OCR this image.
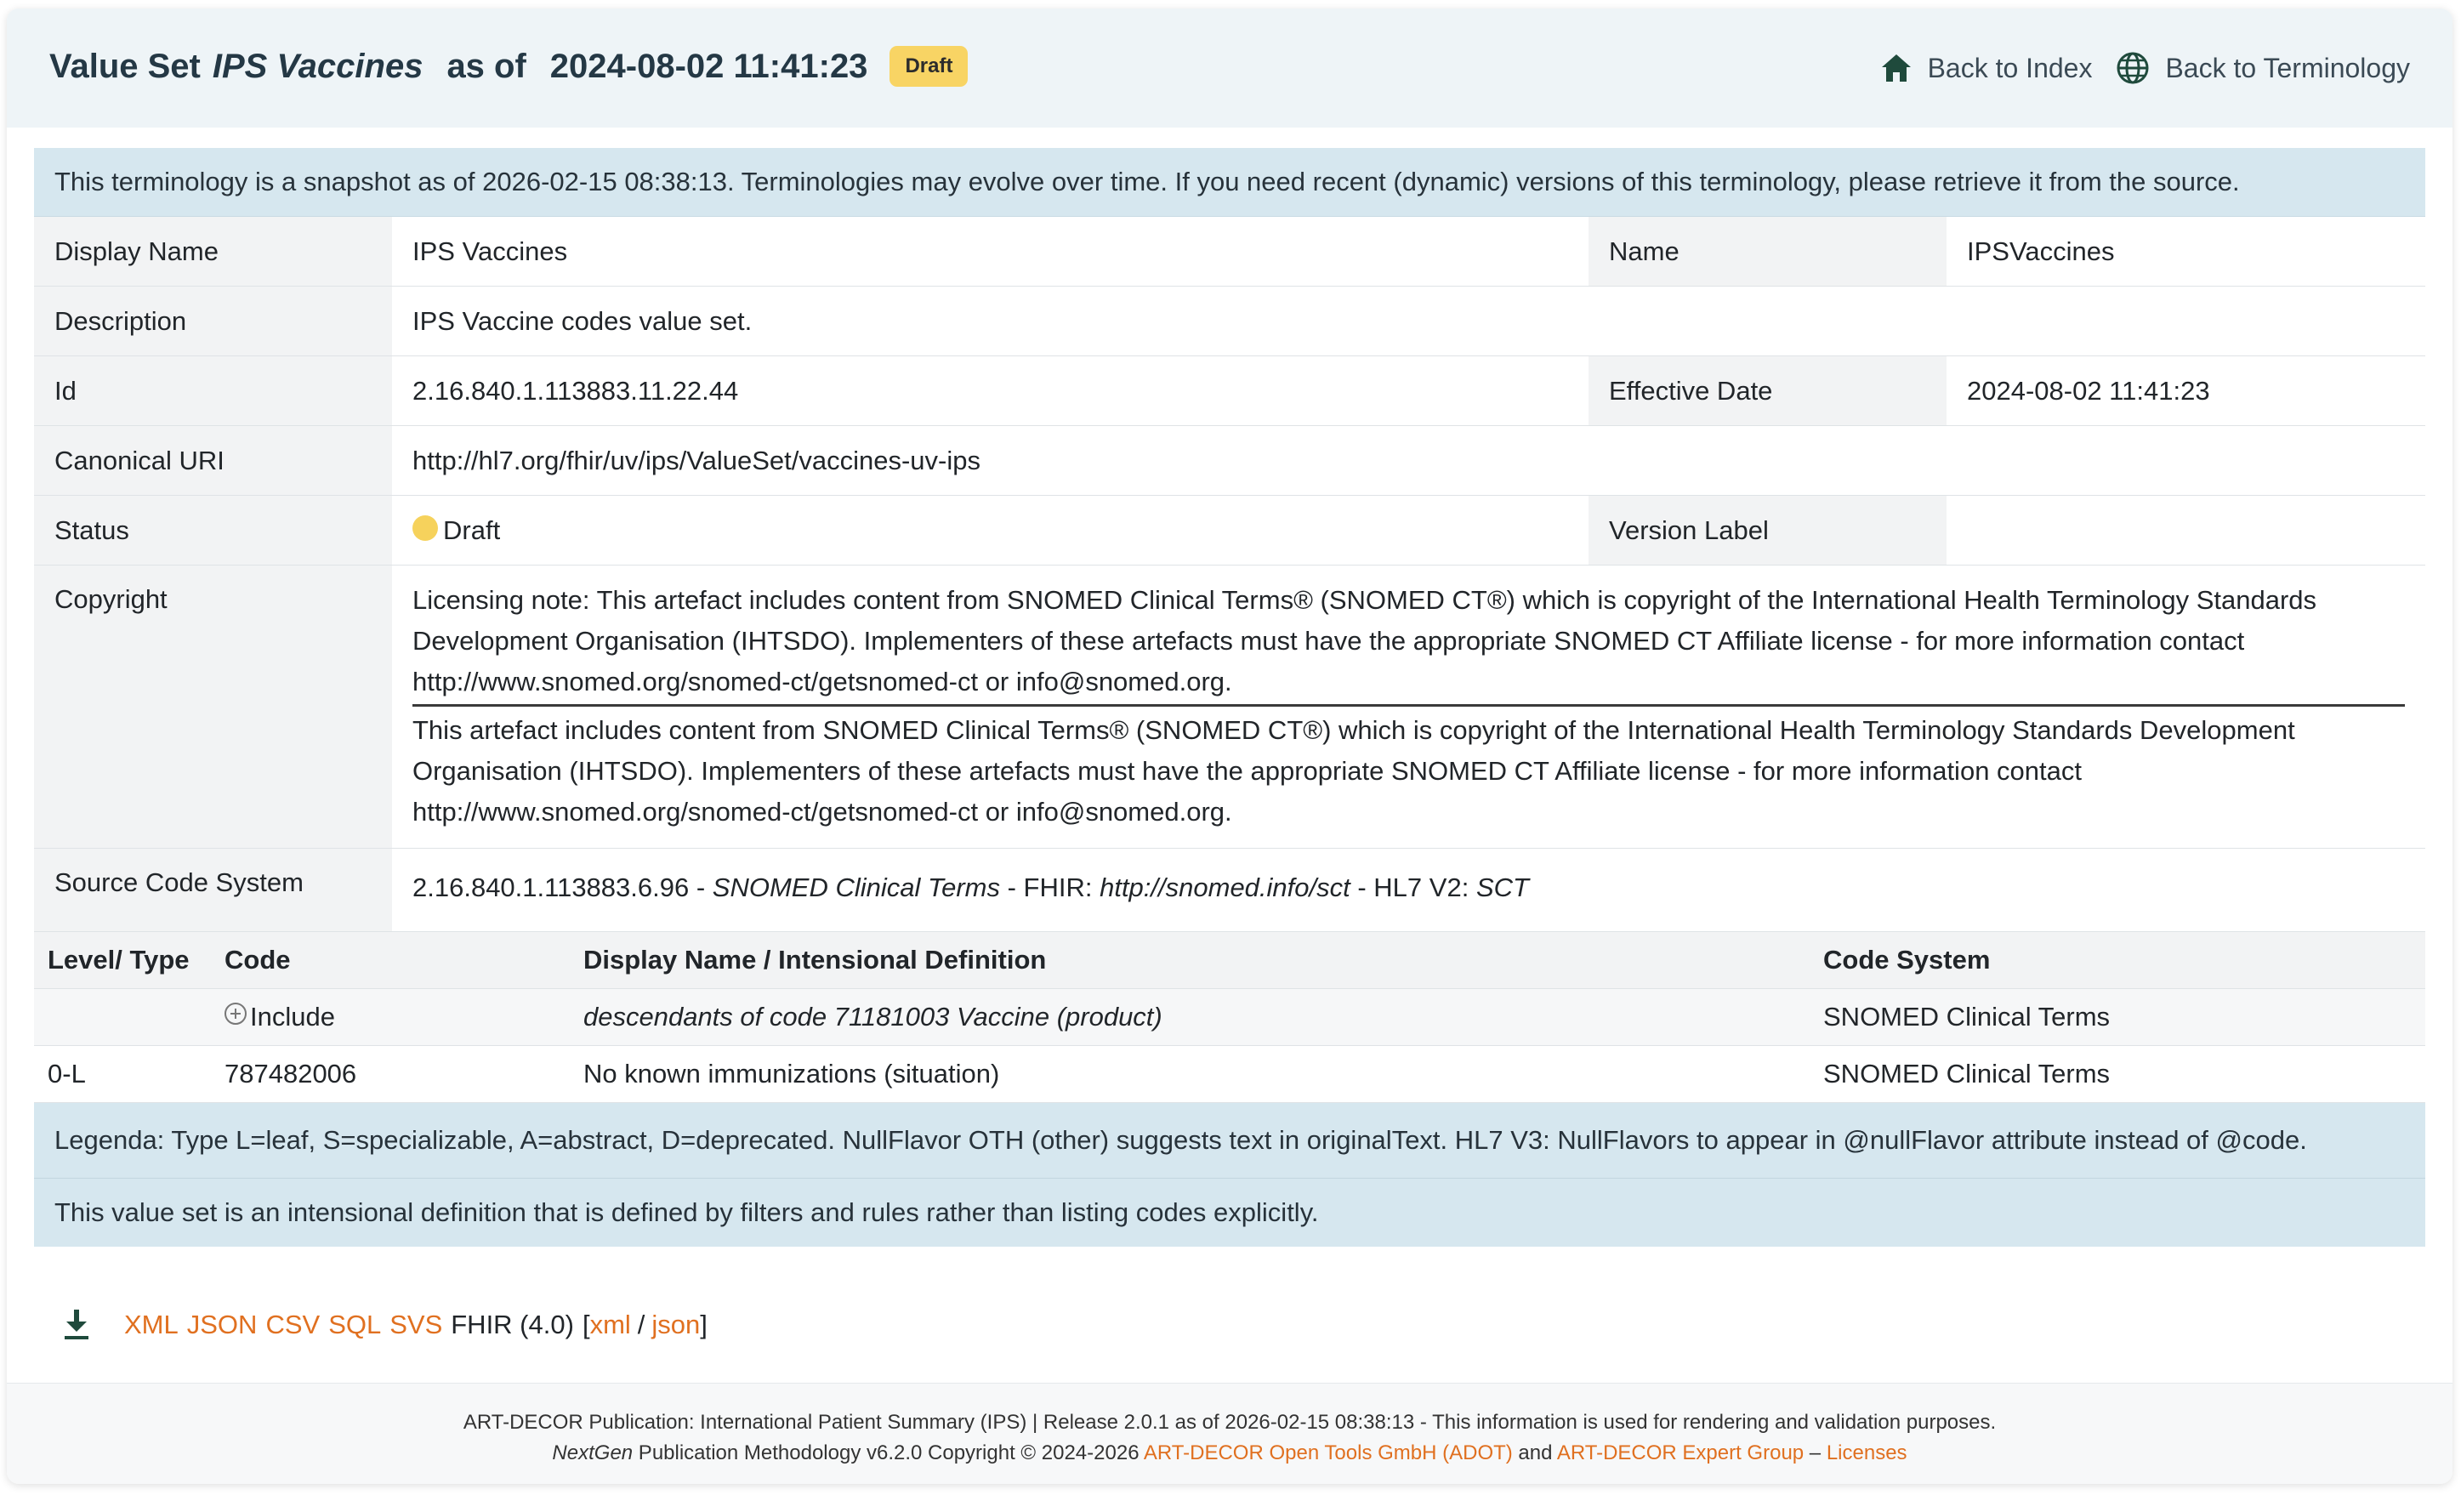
Value Set IPS Vaccines as of 2024-08-02 11:41:23	Draft	Back to Index	Back to Terminology
This terminology is a snapshot as of 2026-02-15 08:38:13. Terminologies may evolve over time. If you need recent (dynamic) versions of this terminology, please retrieve it from the source.
Display Name	IPS Vaccines	Name	IPSVaccines
Description	IPS Vaccine codes value set.
Id	2.16.840.1.113883.11.22.44	Effective Date	2024-08-02 11:41:23
Canonical URI	http://hl7.org/fhir/uv/ips/ValueSet/vaccines-uv-ips
Status	Draft	Version Label
Copyright	Licensing note: This artefact includes content from SNOMED Clinical Terms® (SNOMED CT®) which is copyright of the International Health Terminology Standards Development Organisation (IHTSDO). Implementers of these artefacts must have the appropriate SNOMED CT Affiliate license - for more information contact http://www.snomed.org/snomed-ct/getsnomed-ct or info@snomed.org.
This artefact includes content from SNOMED Clinical Terms® (SNOMED CT®) which is copyright of the International Health Terminology Standards Development Organisation (IHTSDO). Implementers of these artefacts must have the appropriate SNOMED CT Affiliate license - for more information contact http://www.snomed.org/snomed-ct/getsnomed-ct or info@snomed.org.
Source Code System	2.16.840.1.113883.6.96 - SNOMED Clinical Terms - FHIR: http://snomed.info/sct - HL7 V2: SCT
Level/ Type	Code	Display Name / Intensional Definition	Code System
	Include	descendants of code 71181003 Vaccine (product)	SNOMED Clinical Terms
0-L	787482006	No known immunizations (situation)	SNOMED Clinical Terms
Legenda: Type L=leaf, S=specializable, A=abstract, D=deprecated. NullFlavor OTH (other) suggests text in originalText. HL7 V3: NullFlavors to appear in @nullFlavor attribute instead of @code.
This value set is an intensional definition that is defined by filters and rules rather than listing codes explicitly.
XML JSON CSV SQL SVS FHIR (4.0) [ xml / json ]
ART-DECOR Publication: International Patient Summary (IPS) | Release 2.0.1 as of 2026-02-15 08:38:13 - This information is used for rendering and validation purposes.
NextGen Publication Methodology v6.2.0 Copyright © 2024-2026 ART-DECOR Open Tools GmbH (ADOT) and ART-DECOR Expert Group – Licenses
